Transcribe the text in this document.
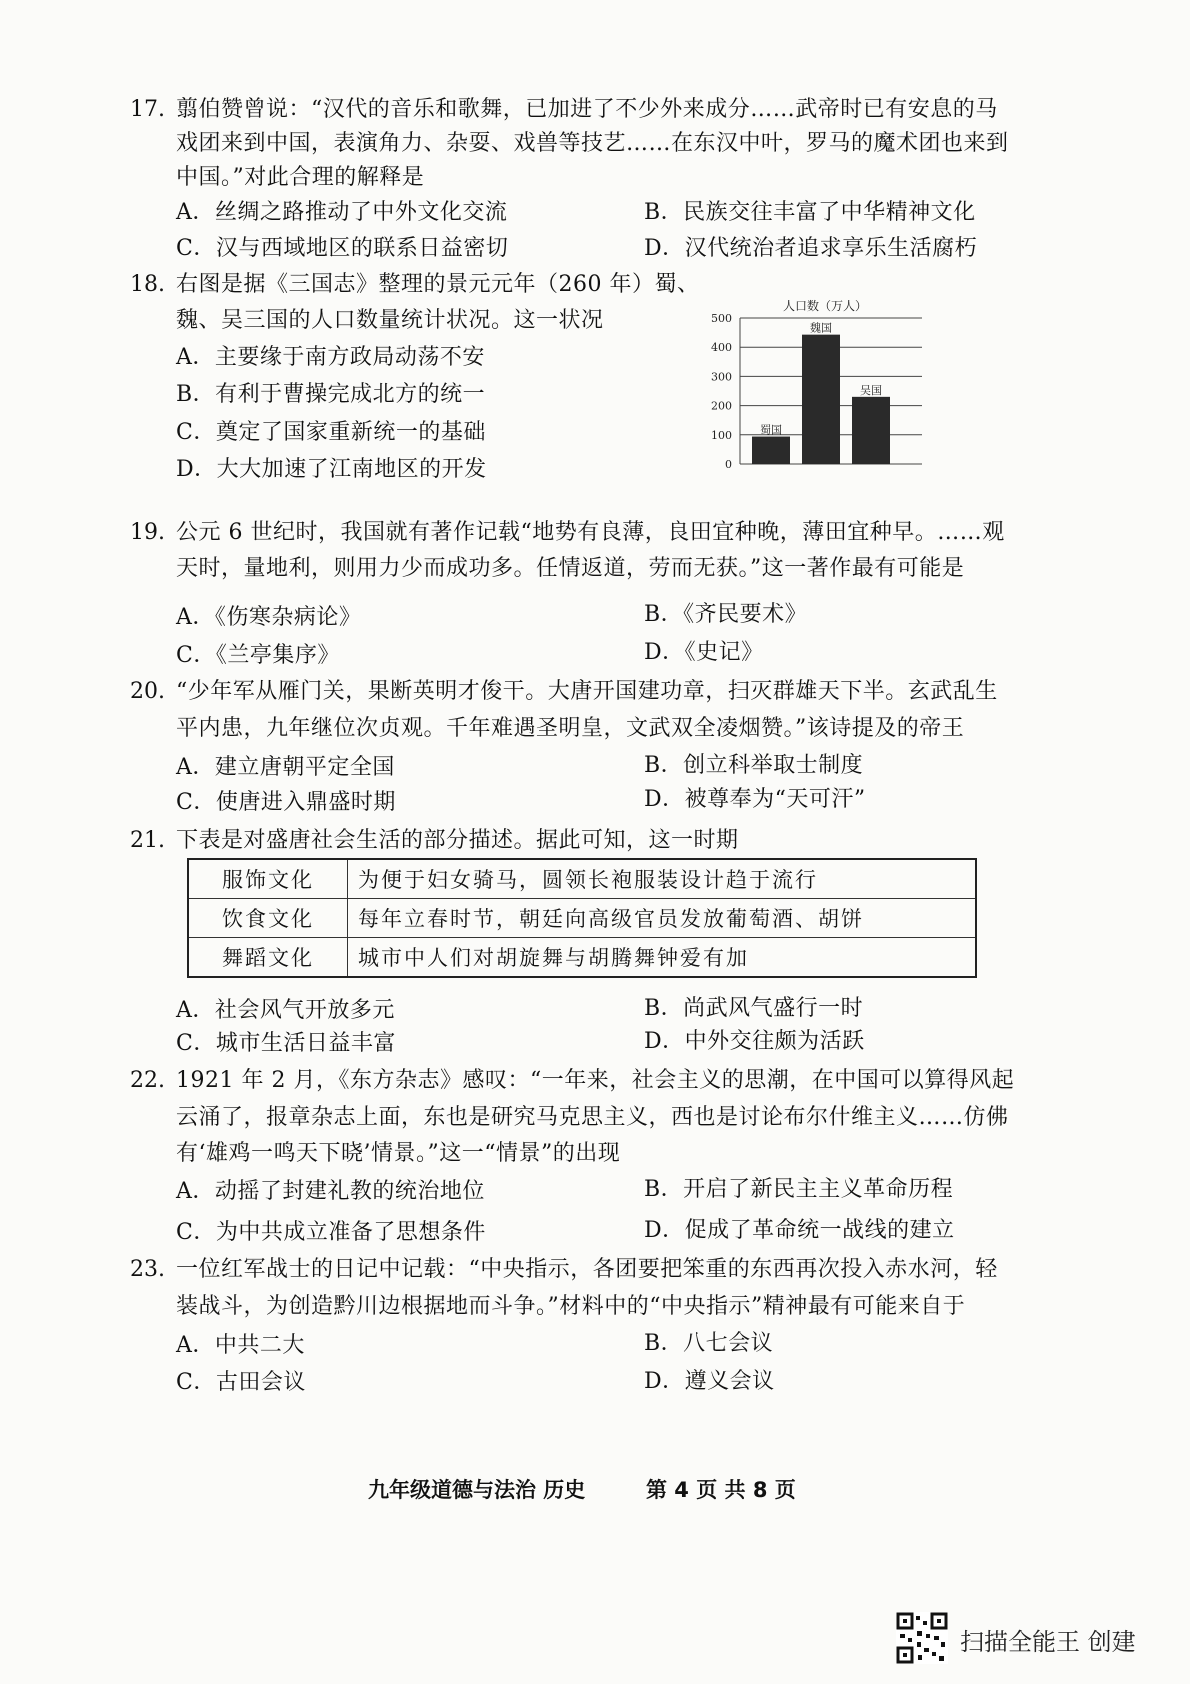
17. 翦伯赞曾说：“汉代的音乐和歌舞，已加进了不少外来成分……武帝时已有安息的马
戏团来到中国，表演角力、杂耍、戏兽等技艺……在东汉中叶，罗马的魔术团也来到
中国。”对此合理的解释是
A．丝绸之路推动了中外文化交流	B．民族交往丰富了中华精神文化
C．汉与西域地区的联系日益密切	D．汉代统治者追求享乐生活腐朽
18. 右图是据《三国志》整理的景元元年（260 年）蜀、
魏、吴三国的人口数量统计状况。这一状况
A．主要缘于南方政局动荡不安
B．有利于曹操完成北方的统一
C．奠定了国家重新统一的基础
D．大大加速了江南地区的开发
人口数（万人）
0
100
200
300
400
500
蜀国
魏国
吴国
19. 公元 6 世纪时，我国就有著作记载“地势有良薄，良田宜种晚，薄田宜种早。……观
天时，量地利，则用力少而成功多。任情返道，劳而无获。”这一著作最有可能是
A．《伤寒杂病论》	B．《齐民要术》
C．《兰亭集序》	D．《史记》
20. “少年军从雁门关，果断英明才俊干。大唐开国建功章，扫灭群雄天下半。玄武乱生
平内患，九年继位次贞观。千年难遇圣明皇，文武双全凌烟赞。”该诗提及的帝王
A．建立唐朝平定全国	B．创立科举取士制度
C．使唐进入鼎盛时期	D．被尊奉为“天可汗”
21. 下表是对盛唐社会生活的部分描述。据此可知，这一时期
服饰文化	为便于妇女骑马，圆领长袍服装设计趋于流行
饮食文化	每年立春时节，朝廷向高级官员发放葡萄酒、胡饼
舞蹈文化	城市中人们对胡旋舞与胡腾舞钟爱有加
A．社会风气开放多元	B．尚武风气盛行一时
C．城市生活日益丰富	D．中外交往颇为活跃
22. 1921 年 2 月，《东方杂志》感叹：“一年来，社会主义的思潮，在中国可以算得风起
云涌了，报章杂志上面，东也是研究马克思主义，西也是讨论布尔什维主义……仿佛
有‘雄鸡一鸣天下晓’情景。”这一“情景”的出现
A．动摇了封建礼教的统治地位	B．开启了新民主主义革命历程
C．为中共成立准备了思想条件	D．促成了革命统一战线的建立
23. 一位红军战士的日记中记载：“中央指示，各团要把笨重的东西再次投入赤水河，轻
装战斗，为创造黔川边根据地而斗争。”材料中的“中央指示”精神最有可能来自于
A．中共二大	B．八七会议
C．古田会议	D．遵义会议
九年级道德与法治 历史	第 4 页 共 8 页
扫描全能王 创建
